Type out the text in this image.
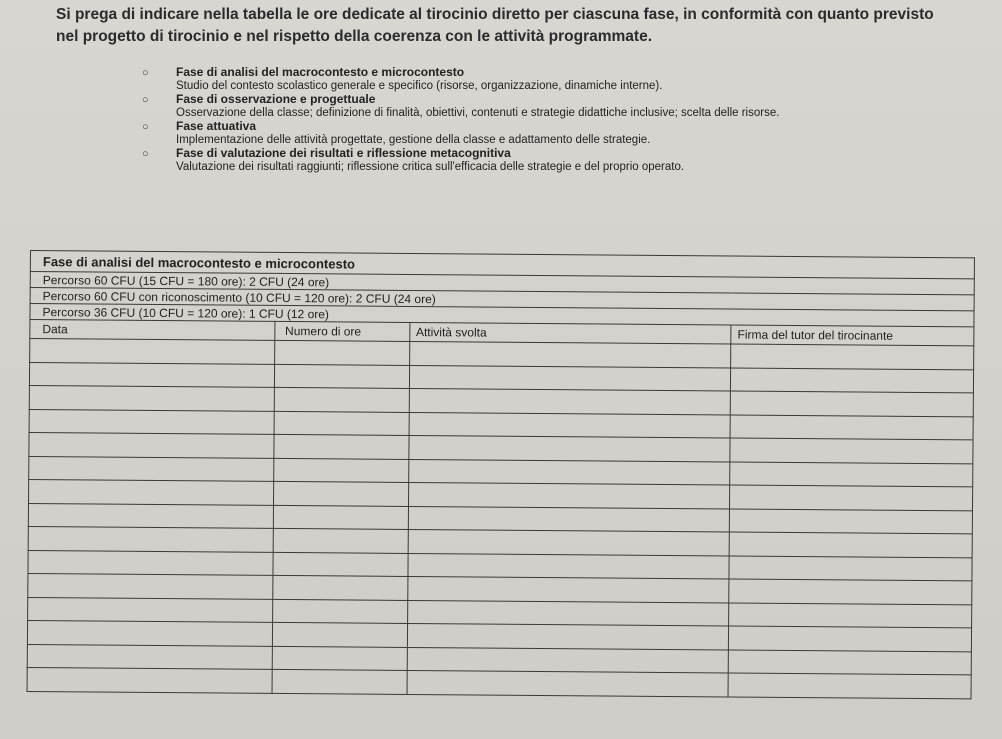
Si prega di indicare nella tabella le ore dedicate al tirocinio diretto per ciascuna fase, in conformità con quanto previsto nel progetto di tirocinio e nel rispetto della coerenza con le attività programmate.
○ Fase di analisi del macrocontesto e microcontesto
Studio del contesto scolastico generale e specifico (risorse, organizzazione, dinamiche interne).
○ Fase di osservazione e progettuale
Osservazione della classe; definizione di finalità, obiettivi, contenuti e strategie didattiche inclusive; scelta delle risorse.
○ Fase attuativa
Implementazione delle attività progettate, gestione della classe e adattamento delle strategie.
○ Fase di valutazione dei risultati e riflessione metacognitiva
Valutazione dei risultati raggiunti; riflessione critica sull'efficacia delle strategie e del proprio operato.
Fase di analisi del macrocontesto e microcontesto			
Percorso 60 CFU (15 CFU = 180 ore): 2 CFU (24 ore)			
Percorso 60 CFU con riconoscimento (10 CFU = 120 ore): 2 CFU (24 ore)			
Percorso 36 CFU (10 CFU = 120 ore): 1 CFU (12 ore)			
Data	Numero di ore	Attività svolta	Firma del tutor del tirocinante
